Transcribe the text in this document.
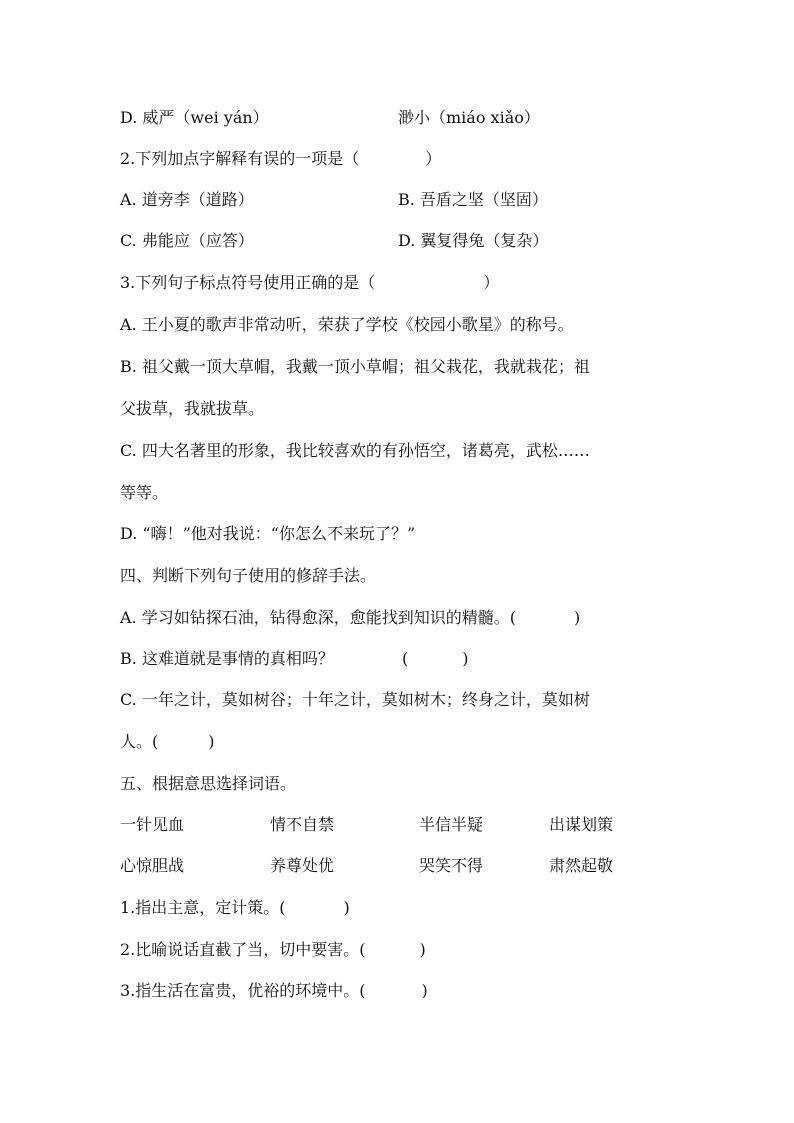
D. 威严（wei yán）	渺小（miáo xiǎo）
2.下列加点字解释有误的一项是（	）
A. 道旁李（道路）	B. 吾盾之坚（坚固）
C. 弗能应（应答）	D. 翼复得兔（复杂）
3.下列句子标点符号使用正确的是（	）
A. 王小夏的歌声非常动听，荣获了学校《校园小歌星》的称号。
B. 祖父戴一顶大草帽，我戴一顶小草帽；祖父栽花，我就栽花；祖
父拔草，我就拔草。
C. 四大名著里的形象，我比较喜欢的有孙悟空，诸葛亮，武松……
等等。
D. “嗨！”他对我说：“你怎么不来玩了？”
四、判断下列句子使用的修辞手法。
A. 学习如钻探石油，钻得愈深，愈能找到知识的精髓。(	)
B. 这难道就是事情的真相吗？	(	)
C. 一年之计，莫如树谷；十年之计，莫如树木；终身之计，莫如树
人。(	)
五、根据意思选择词语。
一针见血	情不自禁	半信半疑	出谋划策
心惊胆战	养尊处优	哭笑不得	肃然起敬
1.指出主意，定计策。(	)
2.比喻说话直截了当，切中要害。(	)
3.指生活在富贵，优裕的环境中。(	)
